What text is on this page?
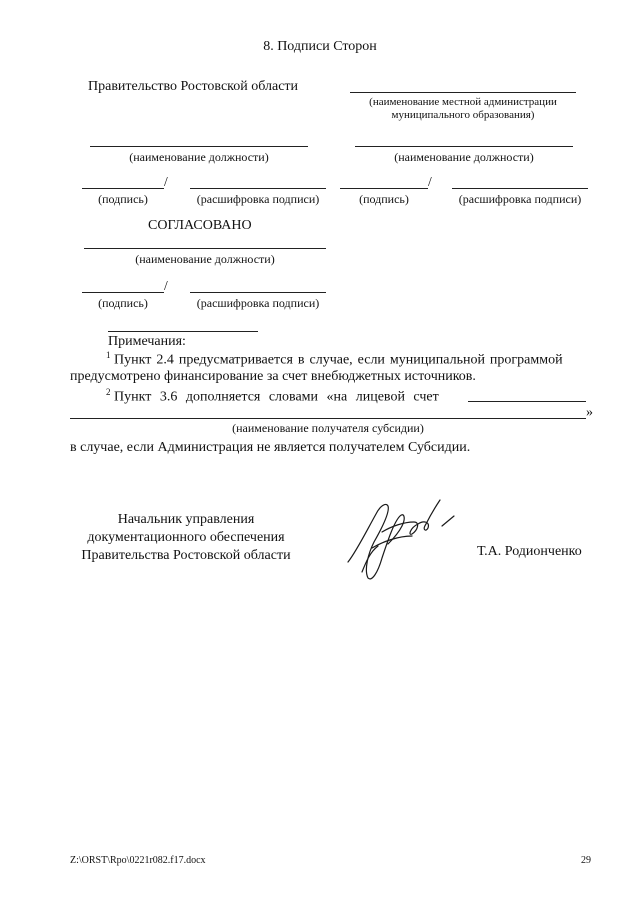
8. Подписи Сторон
Правительство Ростовской области
(наименование местной администрации муниципального образования)
(наименование должности)	(наименование должности)
/
(подпись)	(расшифровка подписи)
/
(подпись)	(расшифровка подписи)
СОГЛАСОВАНО
(наименование должности)
/
(подпись)	(расшифровка подписи)
Примечания:
$^1$ Пункт 2.4 предусматривается в случае, если муниципальной программой
предусмотрено финансирование за счет внебюджетных источников.
$^2$ Пункт 3.6 дополняется словами «на лицевой счет
»
(наименование получателя субсидии)
в случае, если Администрация не является получателем Субсидии.
Начальник управления
документационного обеспечения
Правительства Ростовской области	Т.А. Родионченко
Z:\ORST\Rpo\0221r082.f17.docx	29
